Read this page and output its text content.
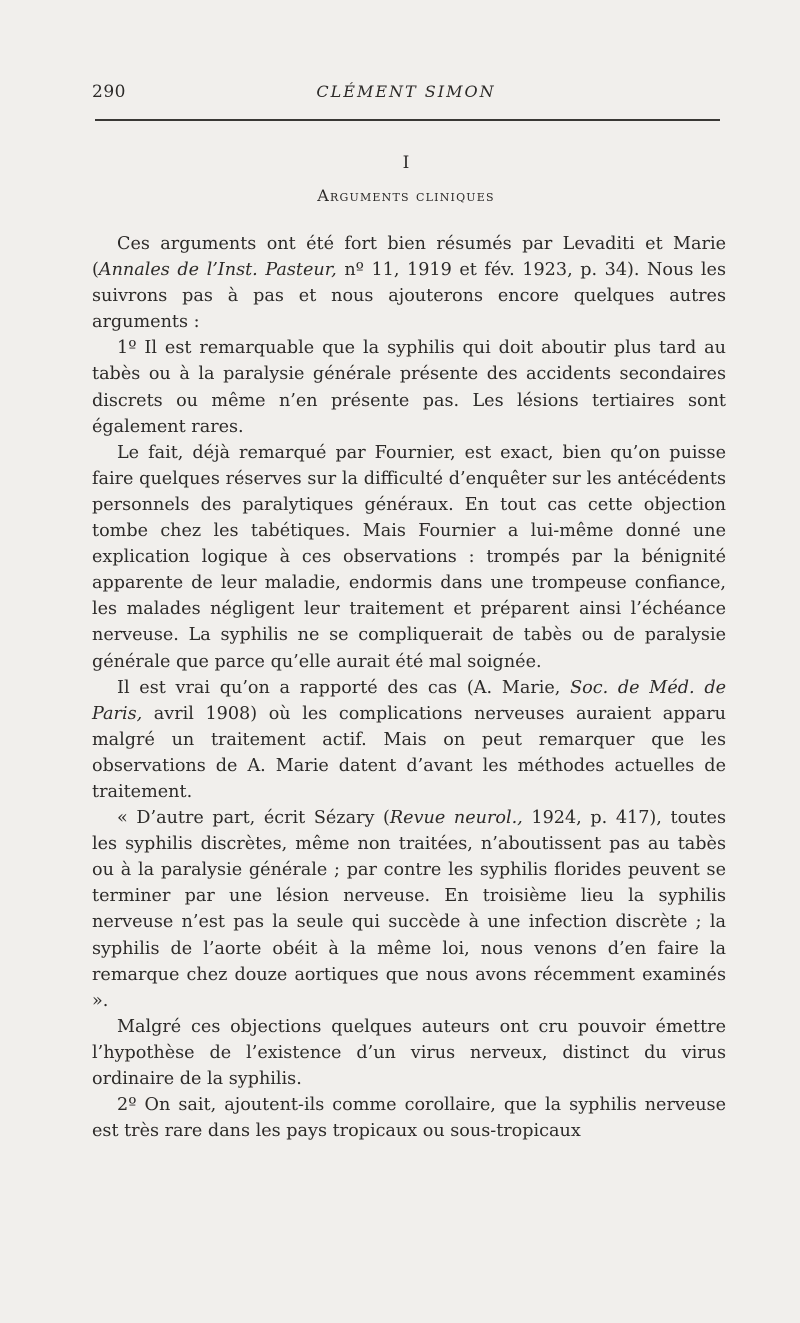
290	CLÉMENT SIMON
I
Arguments cliniques

Ces arguments ont été fort bien résumés par Levaditi et Marie (Annales de l’Inst. Pasteur, nº 11, 1919 et fév. 1923, p. 34). Nous les suivrons pas à pas et nous ajouterons encore quelques autres arguments :

1º Il est remarquable que la syphilis qui doit aboutir plus tard au tabès ou à la paralysie générale présente des accidents secondaires discrets ou même n’en présente pas. Les lésions tertiaires sont également rares.

Le fait, déjà remarqué par Fournier, est exact, bien qu’on puisse faire quelques réserves sur la difficulté d’enquêter sur les antécédents personnels des paralytiques généraux. En tout cas cette objection tombe chez les tabétiques. Mais Fournier a lui-même donné une explication logique à ces observations : trompés par la bénignité apparente de leur maladie, endormis dans une trompeuse confiance, les malades négligent leur traitement et préparent ainsi l’échéance nerveuse. La syphilis ne se compliquerait de tabès ou de paralysie générale que parce qu’elle aurait été mal soignée.

Il est vrai qu’on a rapporté des cas (A. Marie, Soc. de Méd. de Paris, avril 1908) où les complications nerveuses auraient apparu malgré un traitement actif. Mais on peut remarquer que les observations de A. Marie datent d’avant les méthodes actuelles de traitement.

« D’autre part, écrit Sézary (Revue neurol., 1924, p. 417), toutes les syphilis discrètes, même non traitées, n’aboutissent pas au tabès ou à la paralysie générale ; par contre les syphilis florides peuvent se terminer par une lésion nerveuse. En troisième lieu la syphilis nerveuse n’est pas la seule qui succède à une infection discrète ; la syphilis de l’aorte obéit à la même loi, nous venons d’en faire la remarque chez douze aortiques que nous avons récemment examinés ».

Malgré ces objections quelques auteurs ont cru pouvoir émettre l’hypothèse de l’existence d’un virus nerveux, distinct du virus ordinaire de la syphilis.

2º On sait, ajoutent-ils comme corollaire, que la syphilis nerveuse est très rare dans les pays tropicaux ou sous-tropicaux
